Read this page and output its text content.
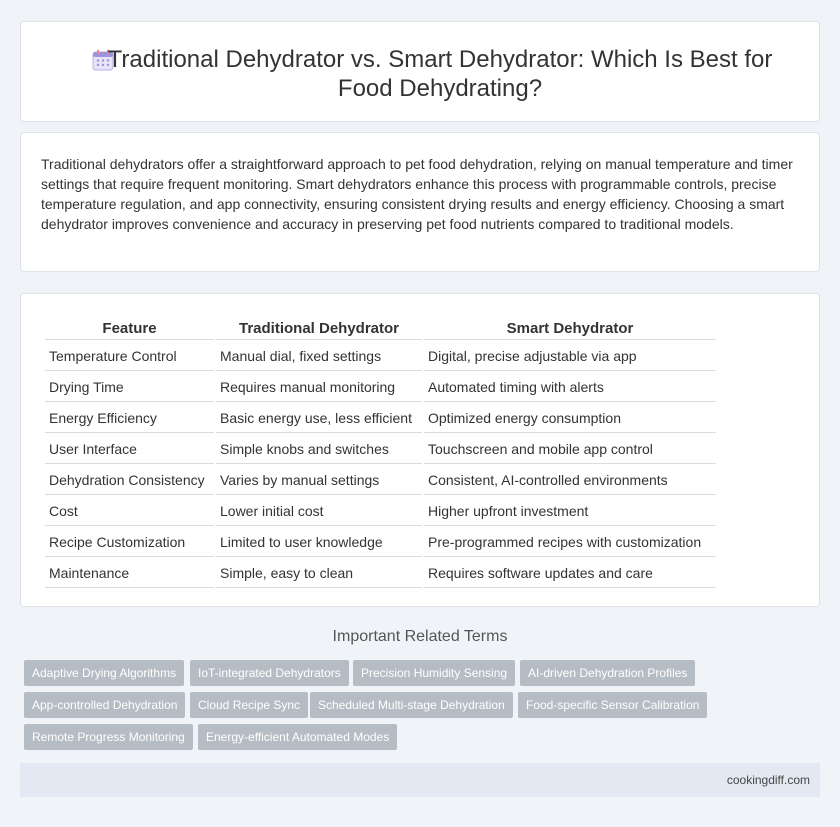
Traditional Dehydrator vs. Smart Dehydrator: Which Is Best for Food Dehydrating?

Traditional dehydrators offer a straightforward approach to pet food dehydration, relying on manual temperature and timer settings that require frequent monitoring. Smart dehydrators enhance this process with programmable controls, precise temperature regulation, and app connectivity, ensuring consistent drying results and energy efficiency. Choosing a smart dehydrator improves convenience and accuracy in preserving pet food nutrients compared to traditional models.

Feature	Traditional Dehydrator	Smart Dehydrator
Temperature Control	Manual dial, fixed settings	Digital, precise adjustable via app
Drying Time	Requires manual monitoring	Automated timing with alerts
Energy Efficiency	Basic energy use, less efficient	Optimized energy consumption
User Interface	Simple knobs and switches	Touchscreen and mobile app control
Dehydration Consistency	Varies by manual settings	Consistent, AI-controlled environments
Cost	Lower initial cost	Higher upfront investment
Recipe Customization	Limited to user knowledge	Pre-programmed recipes with customization
Maintenance	Simple, easy to clean	Requires software updates and care
Important Related Terms
Adaptive Drying Algorithms	IoT-integrated Dehydrators	Precision Humidity Sensing	AI-driven Dehydration Profiles
App-controlled Dehydration	Cloud Recipe Sync	Scheduled Multi-stage Dehydration	Food-specific Sensor Calibration
Remote Progress Monitoring	Energy-efficient Automated Modes
cookingdiff.com
